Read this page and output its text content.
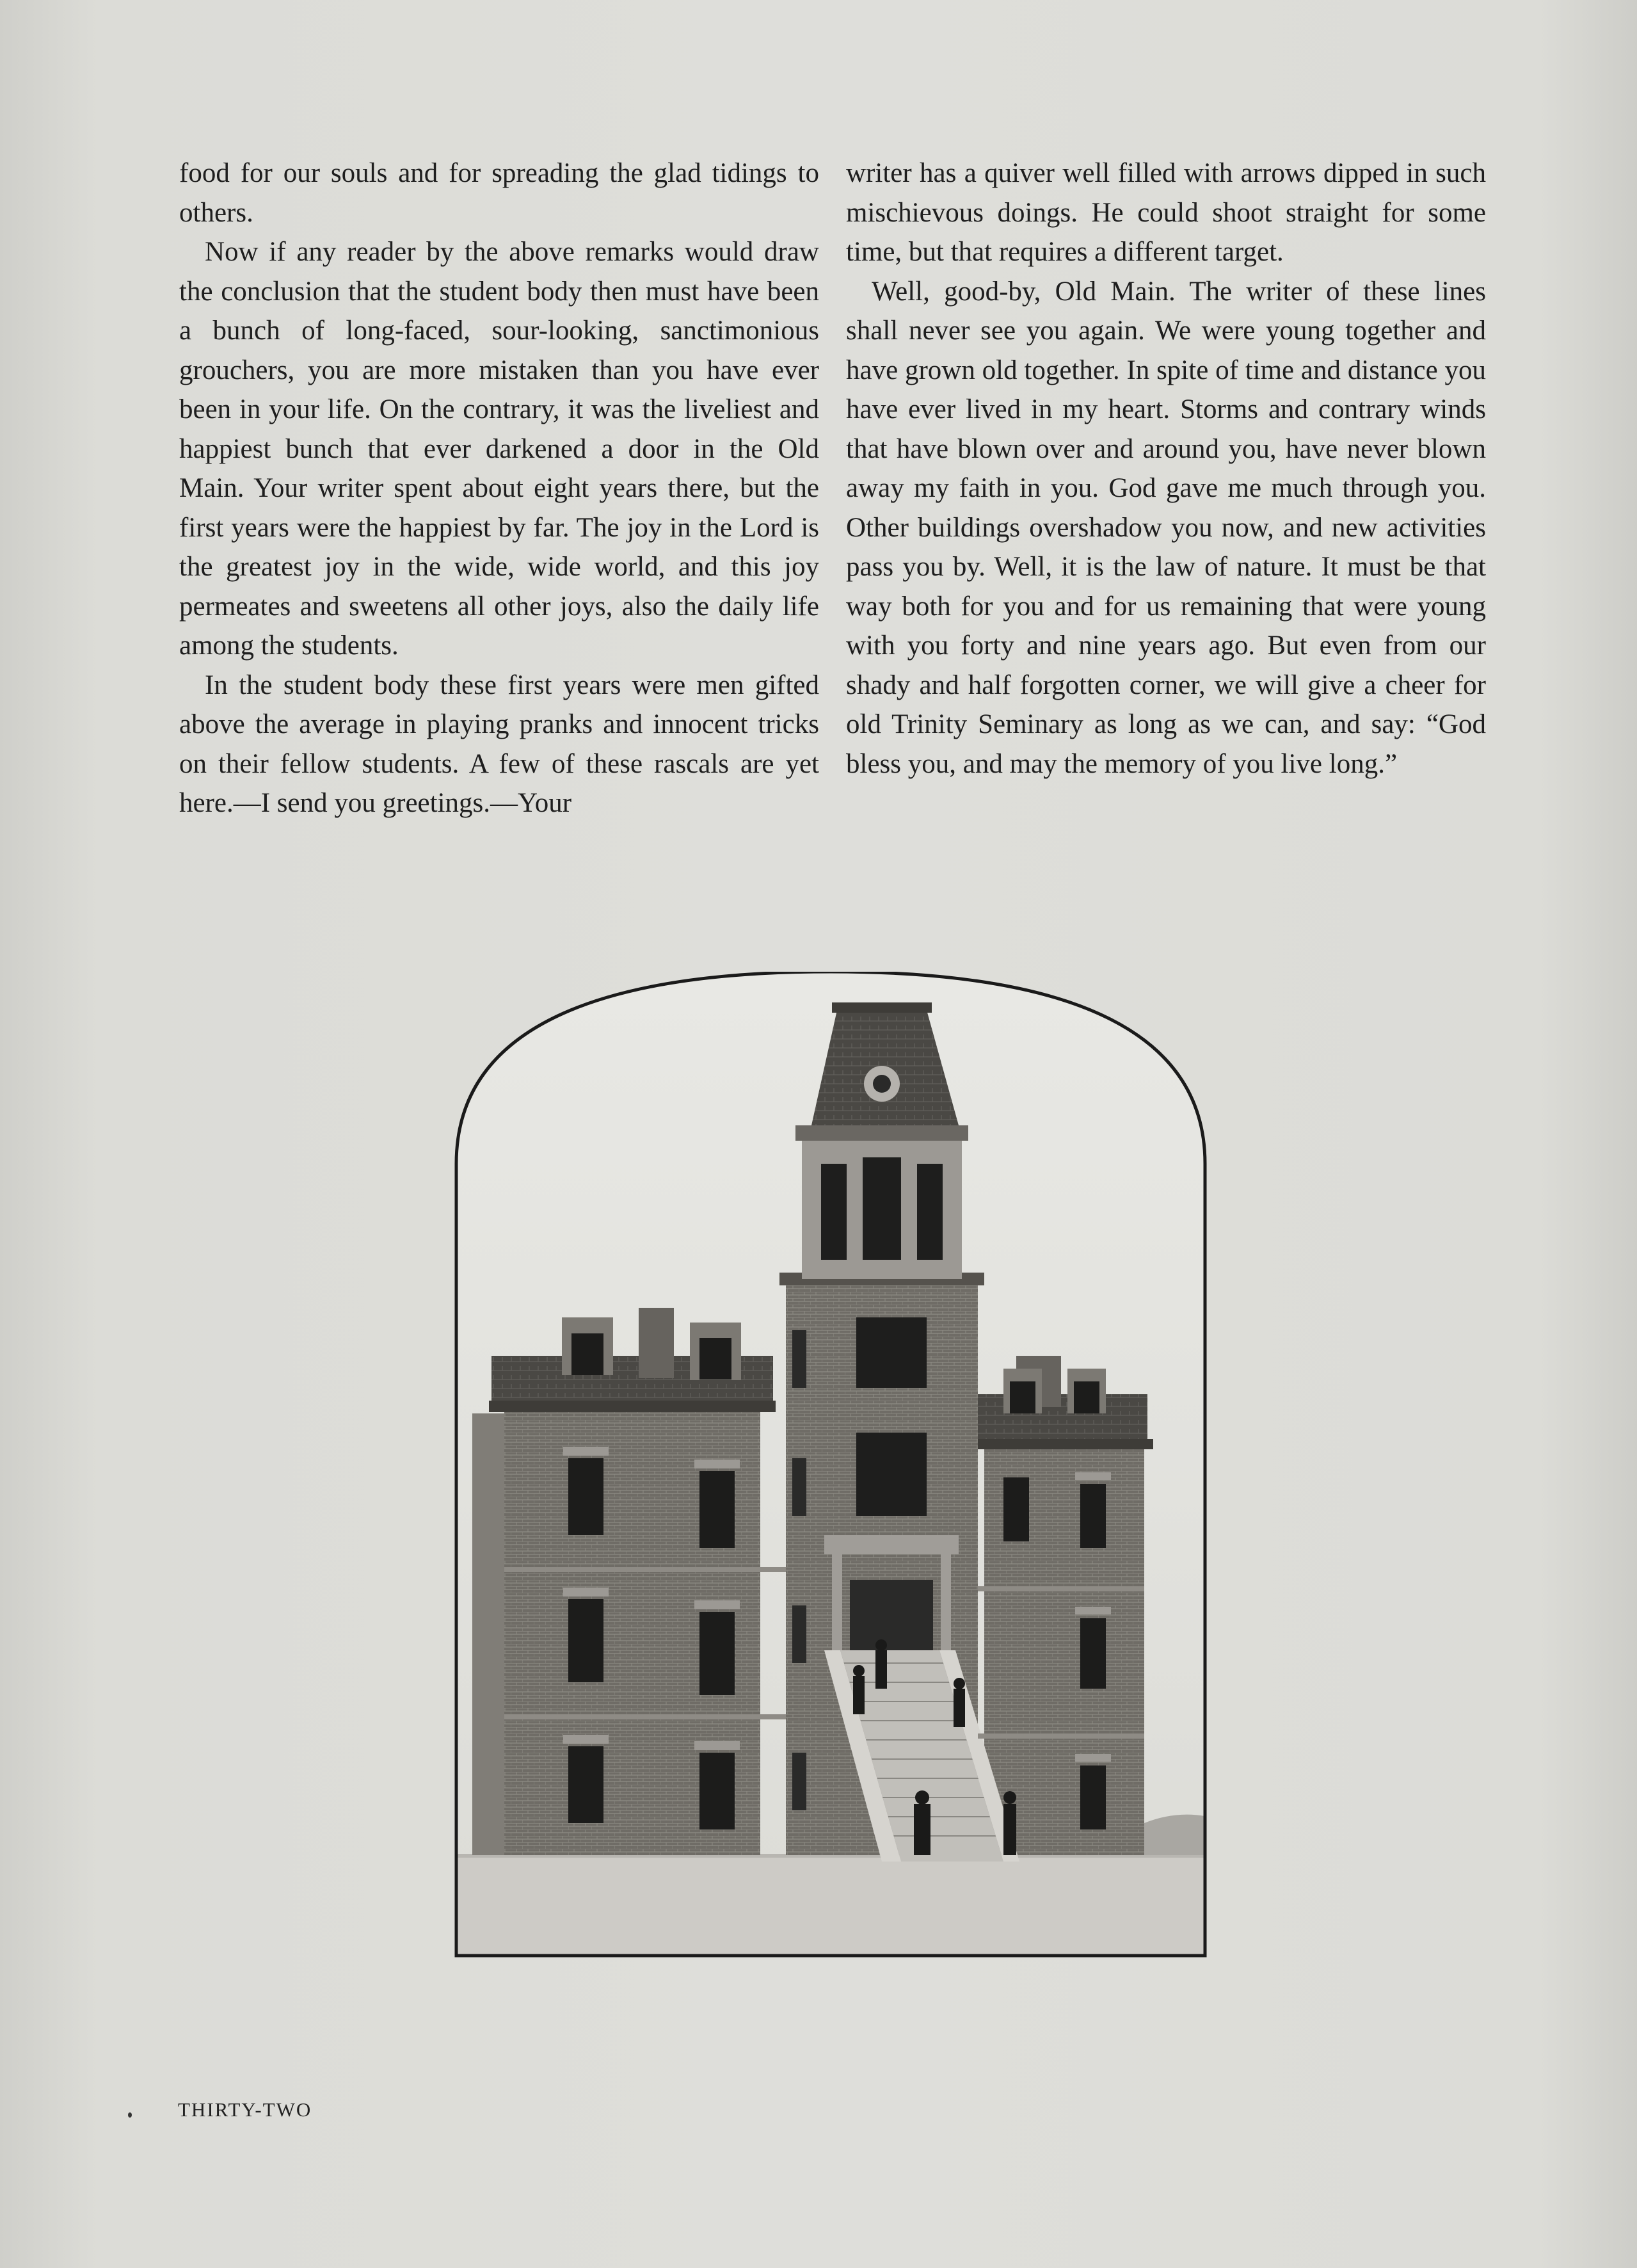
food for our souls and for spreading the glad tidings to others.

Now if any reader by the above remarks would draw the conclusion that the student body then must have been a bunch of long-faced, sour-looking, sanctimonious grouchers, you are more mistaken than you have ever been in your life. On the contrary, it was the liveliest and happiest bunch that ever darkened a door in the Old Main. Your writer spent about eight years there, but the first years were the happiest by far. The joy in the Lord is the greatest joy in the wide, wide world, and this joy permeates and sweetens all other joys, also the daily life among the students.

In the student body these first years were men gifted above the average in playing pranks and innocent tricks on their fellow students. A few of these rascals are yet here.—I send you greetings.—Your

writer has a quiver well filled with arrows dipped in such mischievous doings. He could shoot straight for some time, but that requires a different target.

Well, good-by, Old Main. The writer of these lines shall never see you again. We were young together and have grown old together. In spite of time and distance you have ever lived in my heart. Storms and contrary winds that have blown over and around you, have never blown away my faith in you. God gave me much through you. Other buildings overshadow you now, and new activities pass you by. Well, it is the law of nature. It must be that way both for you and for us remaining that were young with you forty and nine years ago. But even from our shady and half forgotten corner, we will give a cheer for old Trinity Seminary as long as we can, and say: “God bless you, and may the memory of you live long.”

THIRTY-TWO
